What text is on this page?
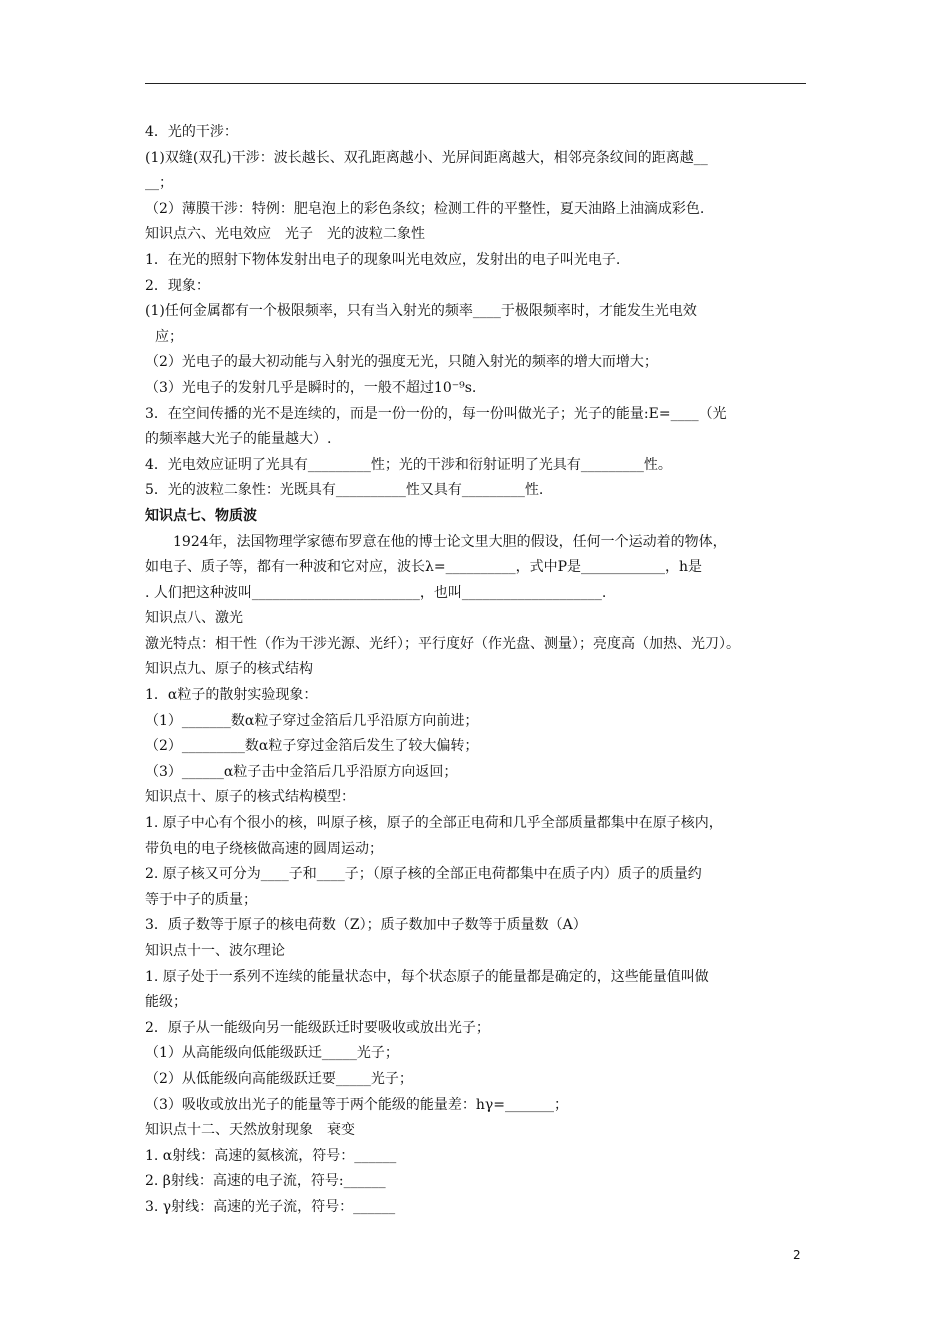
4．光的干涉：
(1)双缝(双孔)干涉：波长越长、双孔距离越小、光屏间距离越大，相邻亮条纹间的距离越__
__；
（2）薄膜干涉：特例：肥皂泡上的彩色条纹；检测工件的平整性，夏天油路上油滴成彩色.
知识点六、光电效应　光子　光的波粒二象性
1．在光的照射下物体发射出电子的现象叫光电效应，发射出的电子叫光电子.
2．现象：
(1)任何金属都有一个极限频率，只有当入射光的频率____于极限频率时，才能发生光电效
应；
（2）光电子的最大初动能与入射光的强度无光，只随入射光的频率的增大而增大；
（3）光电子的发射几乎是瞬时的，一般不超过10⁻⁹s.
3．在空间传播的光不是连续的，而是一份一份的，每一份叫做光子；光子的能量:E=____（光
的频率越大光子的能量越大）.
4．光电效应证明了光具有_________性；光的干涉和衍射证明了光具有_________性。
5．光的波粒二象性：光既具有__________性又具有_________性.
知识点七、物质波
1924年，法国物理学家德布罗意在他的博士论文里大胆的假设，任何一个运动着的物体，
如电子、质子等，都有一种波和它对应，波长λ=__________，式中P是____________，h是
. 人们把这种波叫________________________，也叫____________________.
知识点八、激光
激光特点：相干性（作为干涉光源、光纤）；平行度好（作光盘、测量）；亮度高（加热、光刀）。
知识点九、原子的核式结构
1．α粒子的散射实验现象：
（1）_______数α粒子穿过金箔后几乎沿原方向前进；
（2）_________数α粒子穿过金箔后发生了较大偏转；
（3）______α粒子击中金箔后几乎沿原方向返回；
知识点十、原子的核式结构模型：
1. 原子中心有个很小的核，叫原子核，原子的全部正电荷和几乎全部质量都集中在原子核内，
带负电的电子绕核做高速的圆周运动；
2. 原子核又可分为____子和____子；（原子核的全部正电荷都集中在质子内）质子的质量约
等于中子的质量；
3．质子数等于原子的核电荷数（Z）；质子数加中子数等于质量数（A）
知识点十一、波尔理论
1. 原子处于一系列不连续的能量状态中，每个状态原子的能量都是确定的，这些能量值叫做
能级；
2．原子从一能级向另一能级跃迁时要吸收或放出光子；
（1）从高能级向低能级跃迁_____光子；
（2）从低能级向高能级跃迁要_____光子；
（3）吸收或放出光子的能量等于两个能级的能量差：hγ=_______；
知识点十二、天然放射现象　衰变
1. α射线：高速的氦核流，符号：______
2. β射线：高速的电子流，符号:______
3. γ射线：高速的光子流，符号：______
2
